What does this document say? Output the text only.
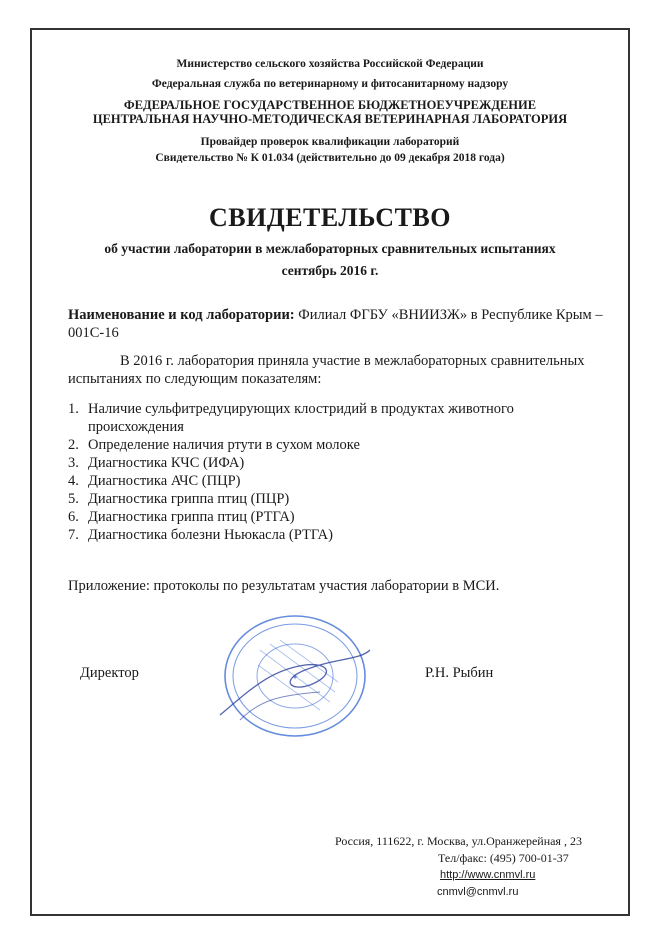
Министерство сельского хозяйства Российской Федерации
Федеральная служба по ветеринарному и фитосанитарному надзору
ФЕДЕРАЛЬНОЕ ГОСУДАРСТВЕННОЕ БЮДЖЕТНОЕУЧРЕЖДЕНИЕ
ЦЕНТРАЛЬНАЯ НАУЧНО-МЕТОДИЧЕСКАЯ ВЕТЕРИНАРНАЯ ЛАБОРАТОРИЯ
Провайдер проверок квалификации лабораторий
Свидетельство № К 01.034 (действительно до 09 декабря 2018 года)
СВИДЕТЕЛЬСТВО
об участии лаборатории в межлабораторных сравнительных испытаниях
сентябрь 2016 г.
Наименование и код лаборатории: Филиал ФГБУ «ВНИИЗЖ» в Республике Крым – 001С-16
В 2016 г. лаборатория приняла участие в межлабораторных сравнительных испытаниях по следующим показателям:
1. Наличие сульфитредуцирующих клостридий в продуктах животного происхождения
2. Определение наличия ртути в сухом молоке
3. Диагностика КЧС (ИФА)
4. Диагностика АЧС (ПЦР)
5. Диагностика гриппа птиц (ПЦР)
6. Диагностика гриппа птиц (РТГА)
7. Диагностика болезни Ньюкасла (РТГА)
Приложение: протоколы по результатам участия лаборатории в МСИ.
✦
Директор	Р.Н. Рыбин
Россия, 111622, г. Москва, ул.Оранжерейная , 23
Тел/факс: (495) 700-01-37
http://www.cnmvl.ru
cnmvl@cnmvl.ru
